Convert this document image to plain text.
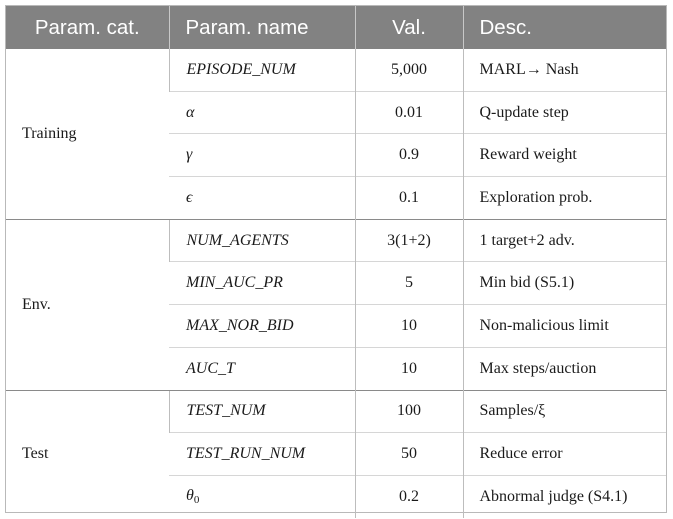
Param. cat.	Param. name	Val.	Desc.
Training	EPISODE_NUM	5,000	MARL→ Nash
	α	0.01	Q-update step
	γ	0.9	Reward weight
	ϵ	0.1	Exploration prob.
Env.	NUM_AGENTS	3(1+2)	1 target+2 adv.
	MIN_AUC_PR	5	Min bid (S5.1)
	MAX_NOR_BID	10	Non-malicious limit
	AUC_T	10	Max steps/auction
Test	TEST_NUM	100	Samples/ξ
	TEST_RUN_NUM	50	Reduce error
	$\theta_0$	0.2	Abnormal judge (S4.1)
